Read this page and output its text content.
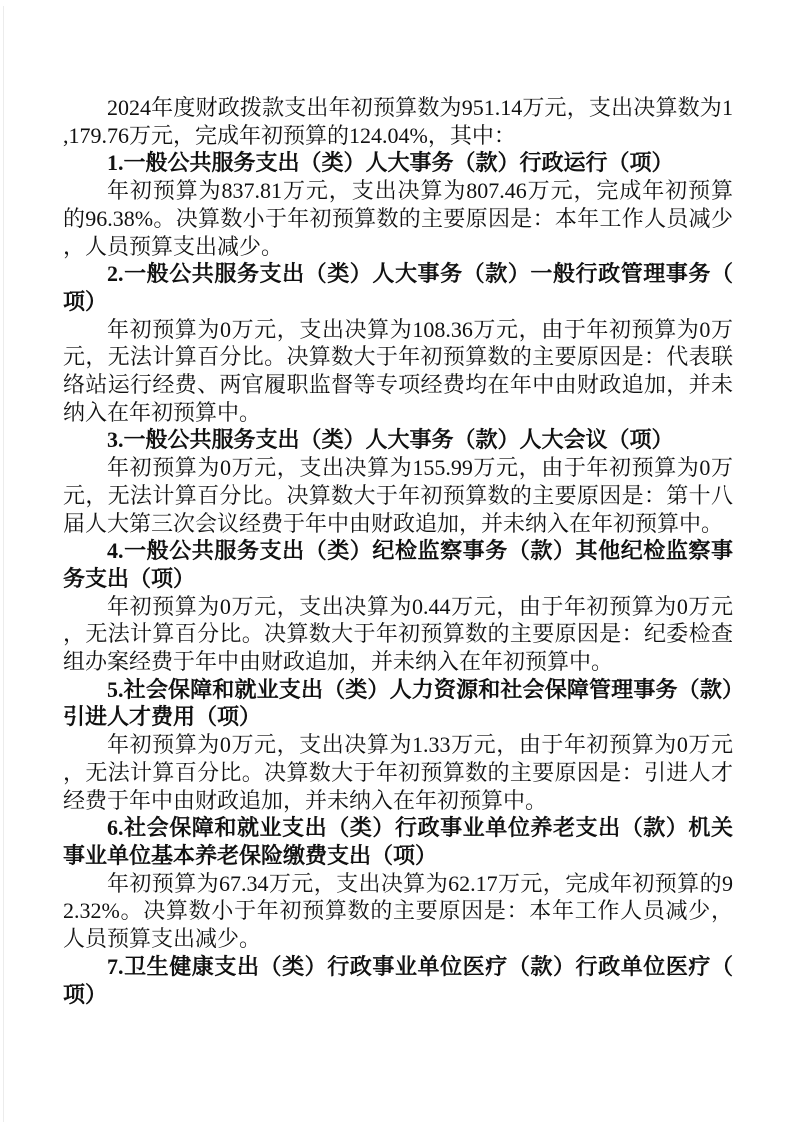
2024年度财政拨款支出年初预算数为951.14万元，支出决算数为1,179.76万元，完成年初预算的124.04%，其中：

1.一般公共服务支出（类）人大事务（款）行政运行（项）

年初预算为837.81万元，支出决算为807.46万元，完成年初预算的96.38%。决算数小于年初预算数的主要原因是：本年工作人员减少，人员预算支出减少。

2.一般公共服务支出（类）人大事务（款）一般行政管理事务（项）

年初预算为0万元，支出决算为108.36万元，由于年初预算为0万元，无法计算百分比。决算数大于年初预算数的主要原因是：代表联络站运行经费、两官履职监督等专项经费均在年中由财政追加，并未纳入在年初预算中。

3.一般公共服务支出（类）人大事务（款）人大会议（项）

年初预算为0万元，支出决算为155.99万元，由于年初预算为0万元，无法计算百分比。决算数大于年初预算数的主要原因是：第十八届人大第三次会议经费于年中由财政追加，并未纳入在年初预算中。

4.一般公共服务支出（类）纪检监察事务（款）其他纪检监察事务支出（项）

年初预算为0万元，支出决算为0.44万元，由于年初预算为0万元，无法计算百分比。决算数大于年初预算数的主要原因是：纪委检查组办案经费于年中由财政追加，并未纳入在年初预算中。

5.社会保障和就业支出（类）人力资源和社会保障管理事务（款）引进人才费用（项）

年初预算为0万元，支出决算为1.33万元，由于年初预算为0万元，无法计算百分比。决算数大于年初预算数的主要原因是：引进人才经费于年中由财政追加，并未纳入在年初预算中。

6.社会保障和就业支出（类）行政事业单位养老支出（款）机关事业单位基本养老保险缴费支出（项）

年初预算为67.34万元，支出决算为62.17万元，完成年初预算的92.32%。决算数小于年初预算数的主要原因是：本年工作人员减少，人员预算支出减少。

7.卫生健康支出（类）行政事业单位医疗（款）行政单位医疗（项）
